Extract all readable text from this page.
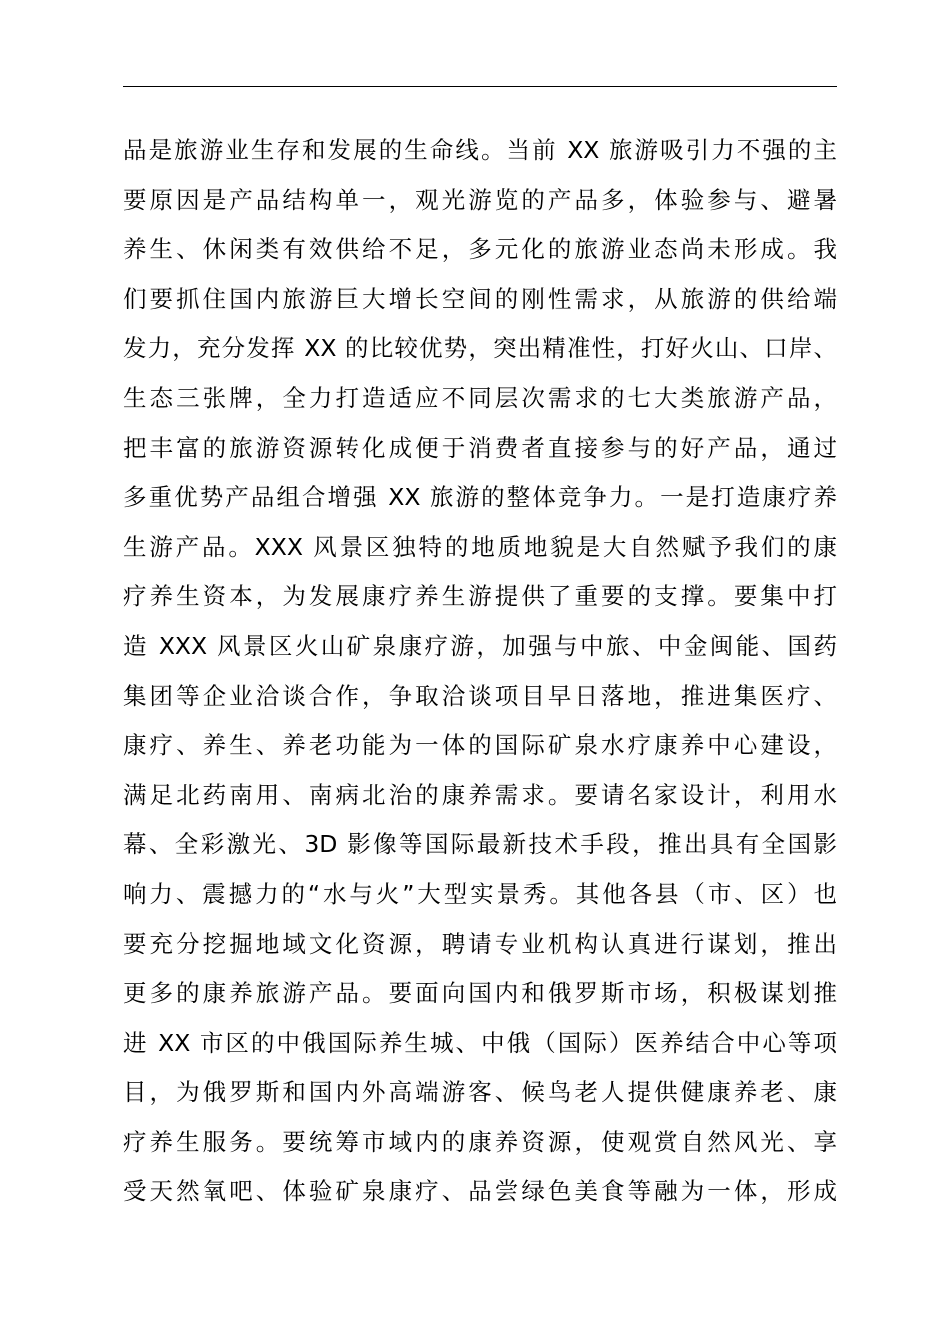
品是旅游业生存和发展的生命线。当前 XX 旅游吸引力不强的主
要原因是产品结构单一，观光游览的产品多，体验参与、避暑
养生、休闲类有效供给不足，多元化的旅游业态尚未形成。我
们要抓住国内旅游巨大增长空间的刚性需求，从旅游的供给端
发力，充分发挥 XX 的比较优势，突出精准性，打好火山、口岸、
生态三张牌，全力打造适应不同层次需求的七大类旅游产品，
把丰富的旅游资源转化成便于消费者直接参与的好产品，通过
多重优势产品组合增强 XX 旅游的整体竞争力。一是打造康疗养
生游产品。XXX 风景区独特的地质地貌是大自然赋予我们的康
疗养生资本，为发展康疗养生游提供了重要的支撑。要集中打
造 XXX 风景区火山矿泉康疗游，加强与中旅、中金闽能、国药
集团等企业洽谈合作，争取洽谈项目早日落地，推进集医疗、
康疗、养生、养老功能为一体的国际矿泉水疗康养中心建设，
满足北药南用、南病北治的康养需求。要请名家设计，利用水
幕、全彩激光、3D 影像等国际最新技术手段，推出具有全国影
响力、震撼力的“水与火”大型实景秀。其他各县（市、区）也
要充分挖掘地域文化资源，聘请专业机构认真进行谋划，推出
更多的康养旅游产品。要面向国内和俄罗斯市场，积极谋划推
进 XX 市区的中俄国际养生城、中俄（国际）医养结合中心等项
目，为俄罗斯和国内外高端游客、候鸟老人提供健康养老、康
疗养生服务。要统筹市域内的康养资源，使观赏自然风光、享
受天然氧吧、体验矿泉康疗、品尝绿色美食等融为一体，形成
